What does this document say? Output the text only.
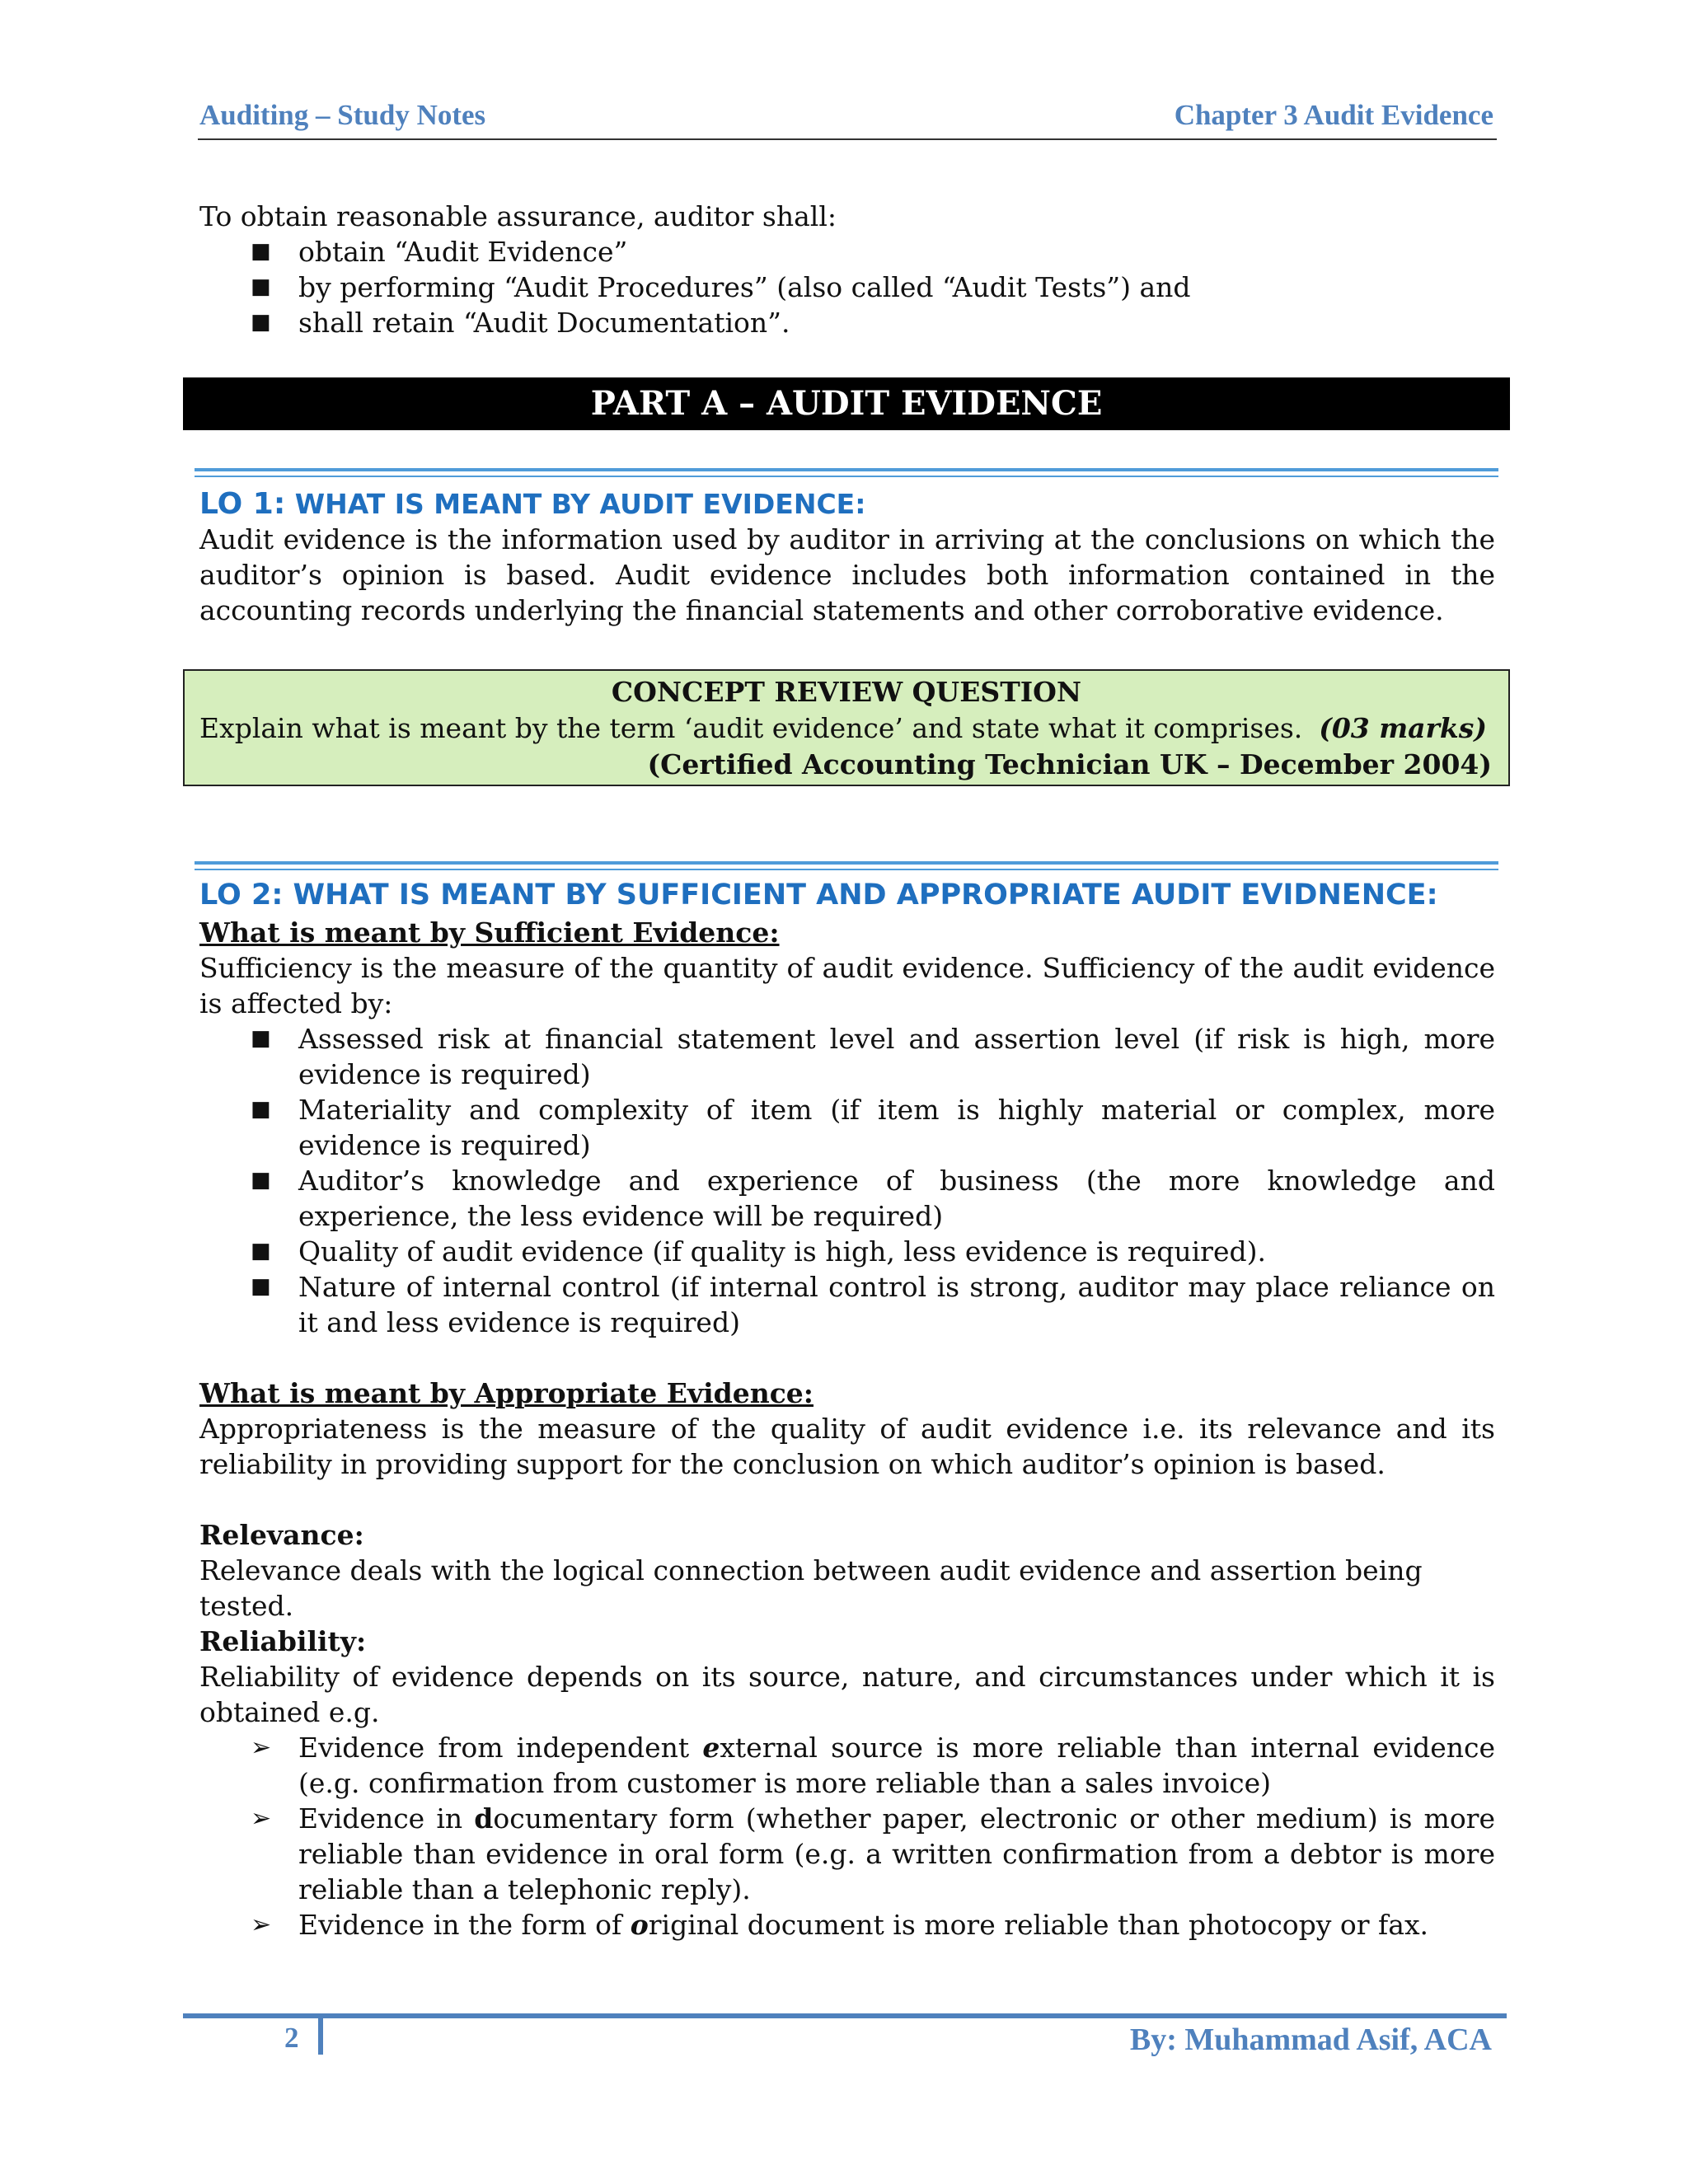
Auditing – Study Notes	Chapter 3 Audit Evidence
To obtain reasonable assurance, auditor shall:
■	obtain “Audit Evidence”
■	by performing “Audit Procedures” (also called “Audit Tests”) and
■	shall retain “Audit Documentation”.
PART A – AUDIT EVIDENCE
LO 1: WHAT IS MEANT BY AUDIT EVIDENCE:
Audit evidence is the information used by auditor in arriving at the conclusions on which the auditor’s opinion is based. Audit evidence includes both information contained in the accounting records underlying the financial statements and other corroborative evidence.
CONCEPT REVIEW QUESTION
Explain what is meant by the term ‘audit evidence’ and state what it comprises. (03 marks)
(Certified Accounting Technician UK – December 2004)
LO 2: WHAT IS MEANT BY SUFFICIENT AND APPROPRIATE AUDIT EVIDNENCE:
What is meant by Sufficient Evidence:
Sufficiency is the measure of the quantity of audit evidence. Sufficiency of the audit evidence is affected by:
■	Assessed risk at financial statement level and assertion level (if risk is high, more evidence is required)
■	Materiality and complexity of item (if item is highly material or complex, more evidence is required)
■	Auditor’s knowledge and experience of business (the more knowledge and experience, the less evidence will be required)
■	Quality of audit evidence (if quality is high, less evidence is required).
■	Nature of internal control (if internal control is strong, auditor may place reliance on it and less evidence is required)
What is meant by Appropriate Evidence:
Appropriateness is the measure of the quality of audit evidence i.e. its relevance and its reliability in providing support for the conclusion on which auditor’s opinion is based.
Relevance:
Relevance deals with the logical connection between audit evidence and assertion being tested.
Reliability:
Reliability of evidence depends on its source, nature, and circumstances under which it is obtained e.g.
➢ Evidence from independent external source is more reliable than internal evidence (e.g. confirmation from customer is more reliable than a sales invoice)
➢ Evidence in documentary form (whether paper, electronic or other medium) is more reliable than evidence in oral form (e.g. a written confirmation from a debtor is more reliable than a telephonic reply).
➢ Evidence in the form of original document is more reliable than photocopy or fax.
2	By: Muhammad Asif, ACA
